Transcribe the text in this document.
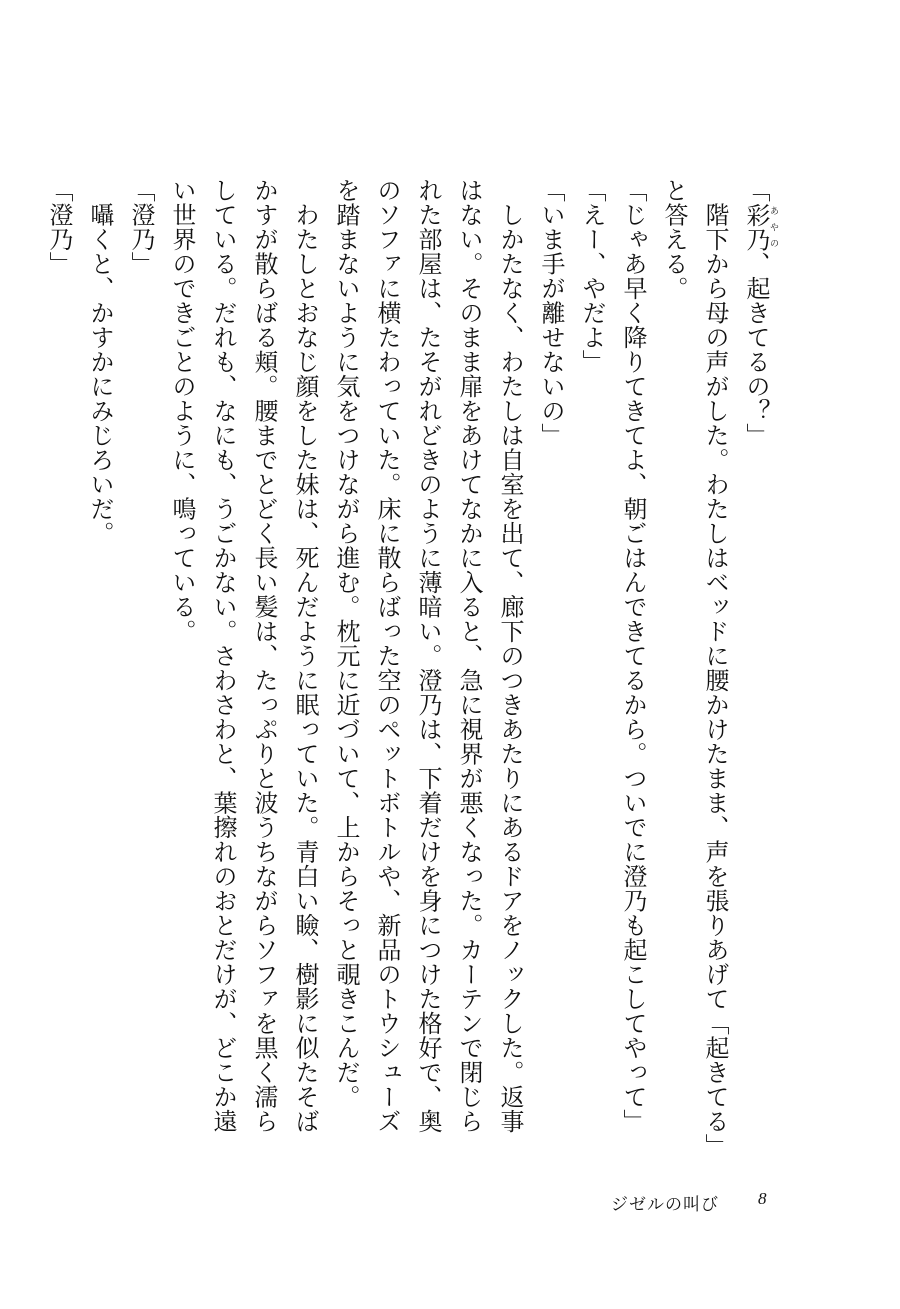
「彩乃あやの、起きてるの？」

　階下から母の声がした。わたしはベッドに腰かけたまま、声を張りあげて「起きてる」と答える。

「じゃあ早く降りてきてよ、朝ごはんできてるから。ついでに澄乃も起こしてやって」

「えー、やだよ」

「いま手が離せないの」

　しかたなく、わたしは自室を出て、廊下のつきあたりにあるドアをノックした。返事はない。そのまま扉をあけてなかに入ると、急に視界が悪くなった。カーテンで閉じられた部屋は、たそがれどきのように薄暗い。澄乃は、下着だけを身につけた格好で、奥のソファに横たわっていた。床に散らばった空のペットボトルや、新品のトウシューズを踏まないように気をつけながら進む。枕元に近づいて、上からそっと覗きこんだ。

　わたしとおなじ顔をした妹は、死んだように眠っていた。青白い瞼、樹影に似たそばかすが散らばる頬。腰までとどく長い髪は、たっぷりと波うちながらソファを黒く濡らしている。だれも、なにも、うごかない。さわさわと、葉擦れのおとだけが、どこか遠い世界のできごとのように、鳴っている。

「澄乃」

　囁くと、かすかにみじろいだ。

「澄乃」

ジゼルの叫び 8
